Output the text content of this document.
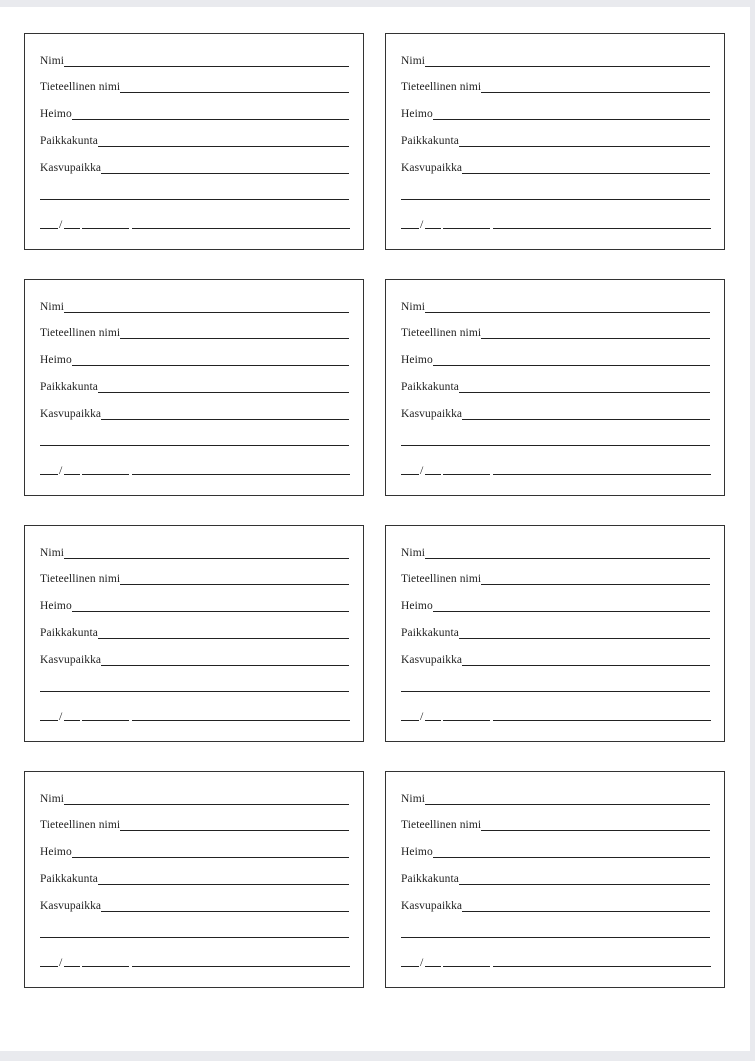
Nimi
Tieteellinen nimi
Heimo
Paikkakunta
Kasvupaikka
/
Nimi
Tieteellinen nimi
Heimo
Paikkakunta
Kasvupaikka
/
Nimi
Tieteellinen nimi
Heimo
Paikkakunta
Kasvupaikka
/
Nimi
Tieteellinen nimi
Heimo
Paikkakunta
Kasvupaikka
/
Nimi
Tieteellinen nimi
Heimo
Paikkakunta
Kasvupaikka
/
Nimi
Tieteellinen nimi
Heimo
Paikkakunta
Kasvupaikka
/
Nimi
Tieteellinen nimi
Heimo
Paikkakunta
Kasvupaikka
/
Nimi
Tieteellinen nimi
Heimo
Paikkakunta
Kasvupaikka
/
